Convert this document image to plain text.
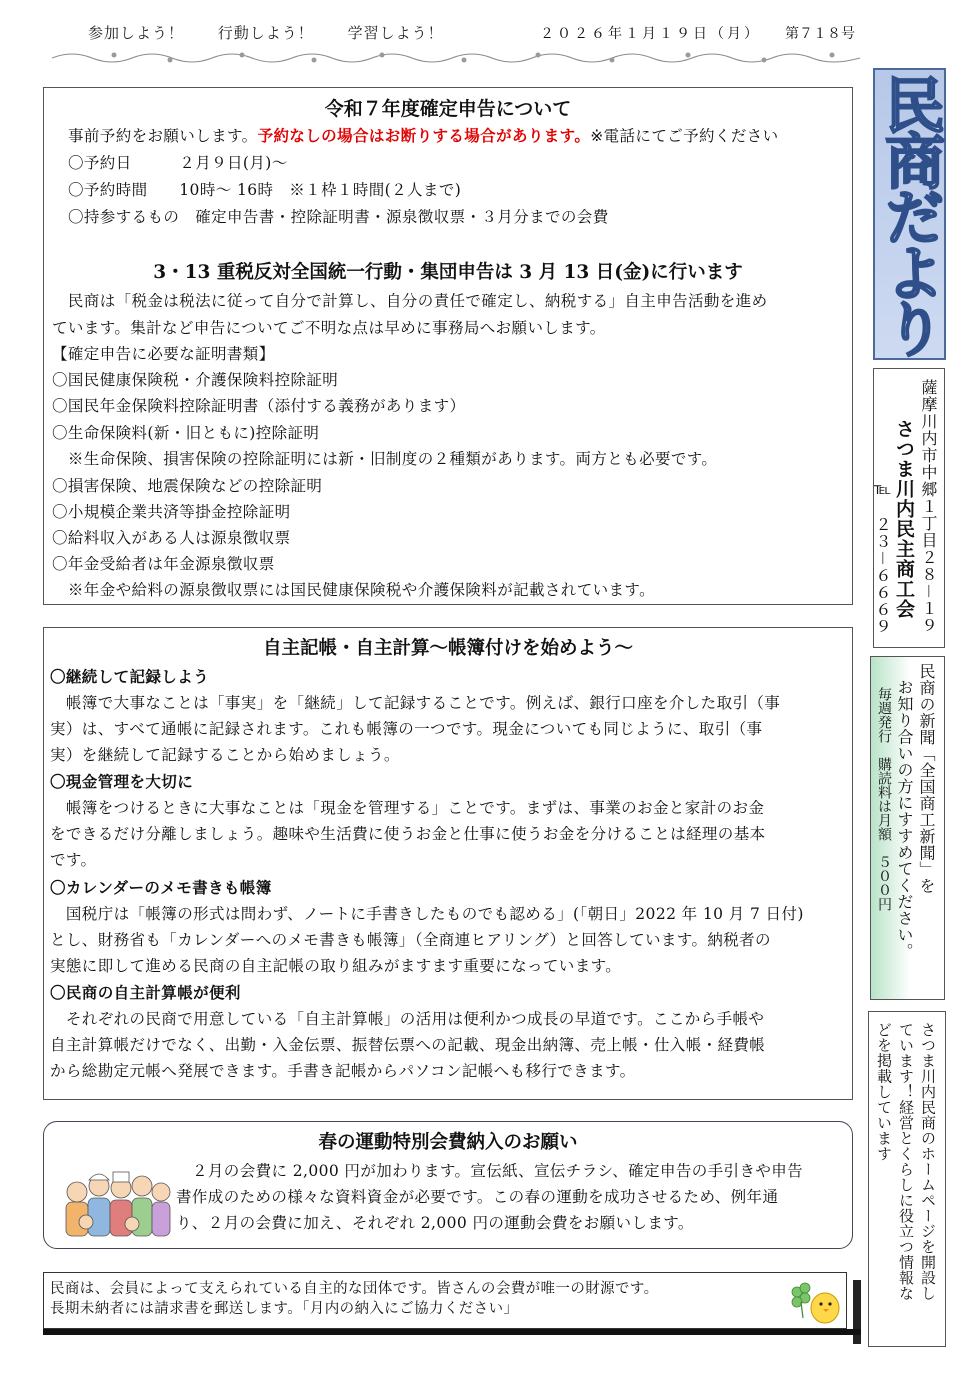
参加しよう！ 行動しよう！ 学習しよう！	２０２６年１月１９日（月） 第７１８号
令和７年度確定申告について
事前予約をお願いします。予約なしの場合はお断りする場合があります。※電話にてご予約ください
〇予約日　　　２月９日(月)～
〇予約時間　　10時～ 16時　※１枠１時間(２人まで)
〇持参するもの　確定申告書・控除証明書・源泉徴収票・３月分までの会費
3・13 重税反対全国統一行動・集団申告は 3 月 13 日(金)に行います
　民商は「税金は税法に従って自分で計算し、自分の責任で確定し、納税する」自主申告活動を進め
ています。集計など申告についてご不明な点は早めに事務局へお願いします。
【確定申告に必要な証明書類】
〇国民健康保険税・介護保険料控除証明
〇国民年金保険料控除証明書（添付する義務があります）
〇生命保険料(新・旧ともに)控除証明
　※生命保険、損害保険の控除証明には新・旧制度の２種類があります。両方とも必要です。
〇損害保険、地震保険などの控除証明
〇小規模企業共済等掛金控除証明
〇給料収入がある人は源泉徴収票
〇年金受給者は年金源泉徴収票
　※年金や給料の源泉徴収票には国民健康保険税や介護保険料が記載されています。
自主記帳・自主計算～帳簿付けを始めよう～
〇継続して記録しよう
　帳簿で大事なことは「事実」を「継続」して記録することです。例えば、銀行口座を介した取引（事
実）は、すべて通帳に記録されます。これも帳簿の一つです。現金についても同じように、取引（事
実）を継続して記録することから始めましょう。
〇現金管理を大切に
　帳簿をつけるときに大事なことは「現金を管理する」ことです。まずは、事業のお金と家計のお金
をできるだけ分離しましょう。趣味や生活費に使うお金と仕事に使うお金を分けることは経理の基本
です。
〇カレンダーのメモ書きも帳簿
　国税庁は「帳簿の形式は問わず、ノートに手書きしたものでも認める」(「朝日」2022 年 10 月 7 日付)
とし、財務省も「カレンダーへのメモ書きも帳簿」（全商連ヒアリング）と回答しています。納税者の
実態に即して進める民商の自主記帳の取り組みがますます重要になっています。
〇民商の自主計算帳が便利
　それぞれの民商で用意している「自主計算帳」の活用は便利かつ成長の早道です。ここから手帳や
自主計算帳だけでなく、出勤・入金伝票、振替伝票への記載、現金出納簿、売上帳・仕入帳・経費帳
から総勘定元帳へ発展できます。手書き記帳からパソコン記帳へも移行できます。
春の運動特別会費納入のお願い
２月の会費に 2,000 円が加わります。宣伝紙、宣伝チラシ、確定申告の手引きや申告
書作成のための様々な資料資金が必要です。この春の運動を成功させるため、例年通
り、２月の会費に加え、それぞれ 2,000 円の運動会費をお願いします。
民商は、会員によって支えられている自主的な団体です。皆さんの会費が唯一の財源です。
長期未納者には請求書を郵送します。「月内の納入にご協力ください」
民商だより
薩摩川内市中郷１丁目２８－１９
さつま川内民主商工会
℡　２３－６６６９
民商の新聞「全国商工新聞」を
お知り合いの方にすすめてください。
毎週発行　購読料は月額　５００円
さつま川内民商のホームページを開設し
ています！経営とくらしに役立つ情報な
どを掲載しています
